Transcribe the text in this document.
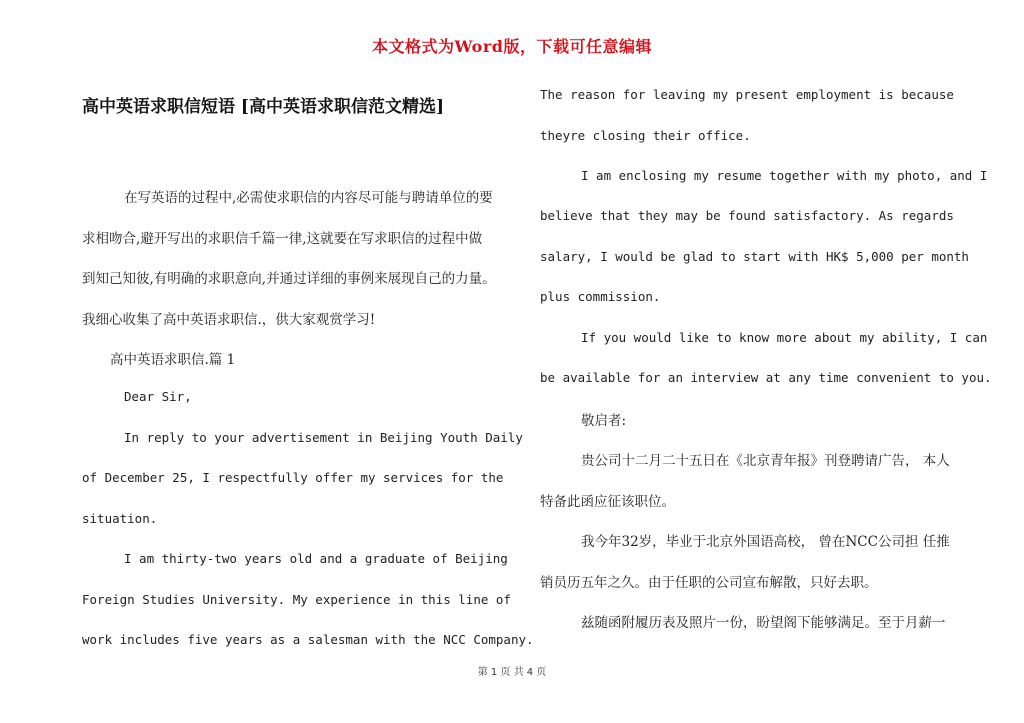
本文格式为Word版，下载可任意编辑
高中英语求职信短语 [高中英语求职信范文精选]
在写英语的过程中,必需使求职信的内容尽可能与聘请单位的要
求相吻合,避开写出的求职信千篇一律,这就要在写求职信的过程中做
到知己知彼,有明确的求职意向,并通过详细的事例来展现自己的力量。
我细心收集了高中英语求职信.，供大家观赏学习!
高中英语求职信.篇 1
Dear Sir,
In reply to your advertisement in Beijing Youth Daily
of December 25, I respectfully offer my services for the
situation.
I am thirty-two years old and a graduate of Beijing
Foreign Studies University. My experience in this line of
work includes five years as a salesman with the NCC Company.
The reason for leaving my present employment is because
theyre closing their office.
I am enclosing my resume together with my photo, and I
believe that they may be found satisfactory. As regards
salary, I would be glad to start with HK$ 5,000 per month
plus commission.
If you would like to know more about my ability, I can
be available for an interview at any time convenient to you.
敬启者:
贵公司十二月二十五日在《北京青年报》刊登聘请广告， 本人
特备此函应征该职位。
我今年32岁，毕业于北京外国语高校， 曾在NCC公司担 任推
销员历五年之久。由于任职的公司宣布解散，只好去职。
兹随函附履历表及照片一份，盼望阁下能够满足。至于月薪一
第 1 页 共 4 页
